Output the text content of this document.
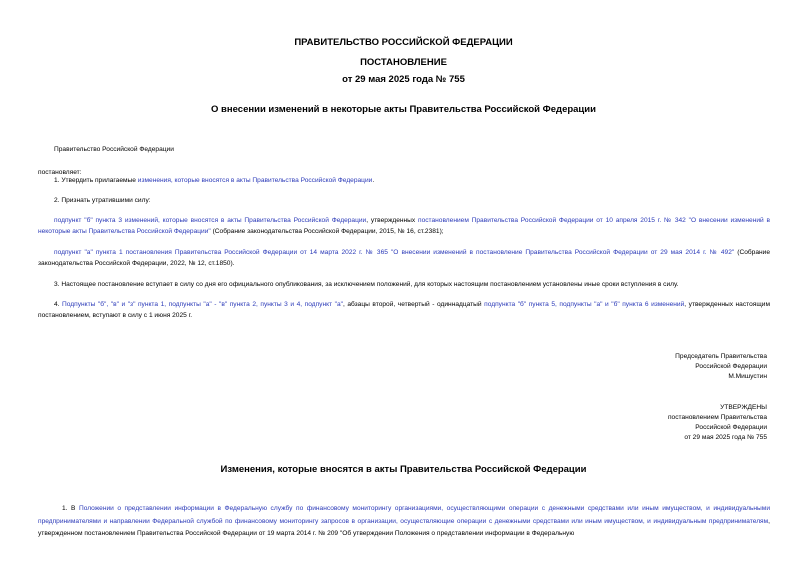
ПРАВИТЕЛЬСТВО РОССИЙСКОЙ ФЕДЕРАЦИИ
ПОСТАНОВЛЕНИЕ
от 29 мая 2025 года № 755
О внесении изменений в некоторые акты Правительства Российской Федерации
Правительство Российской Федерации
постановляет:
1. Утвердить прилагаемые изменения, которые вносятся в акты Правительства Российской Федерации.
2. Признать утратившими силу:
подпункт "б" пункта 3 изменений, которые вносятся в акты Правительства Российской Федерации, утвержденных постановлением Правительства Российской Федерации от 10 апреля 2015 г. № 342 "О внесении изменений в некоторые акты Правительства Российской Федерации" (Собрание законодательства Российской Федерации, 2015, № 16, ст.2381);
подпункт "а" пункта 1 постановления Правительства Российской Федерации от 14 марта 2022 г. № 365 "О внесении изменений в постановление Правительства Российской Федерации от 29 мая 2014 г. № 492" (Собрание законодательства Российской Федерации, 2022, № 12, ст.1850).
3. Настоящее постановление вступает в силу со дня его официального опубликования, за исключением положений, для которых настоящим постановлением установлены иные сроки вступления в силу.
4. Подпункты "б", "в" и "з" пункта 1, подпункты "а" - "в" пункта 2, пункты 3 и 4, подпункт "а", абзацы второй, четвертый - одиннадцатый подпункта "б" пункта 5, подпункты "а" и "б" пункта 6 изменений, утвержденных настоящим постановлением, вступают в силу с 1 июня 2025 г.
Председатель Правительства
Российской Федерации
М.Мишустин
УТВЕРЖДЕНЫ
постановлением Правительства
Российской Федерации
от 29 мая 2025 года № 755
Изменения, которые вносятся в акты Правительства Российской Федерации
1. В Положении о представлении информации в Федеральную службу по финансовому мониторингу организациями, осуществляющими операции с денежными средствами или иным имуществом, и индивидуальными предпринимателями и направлении Федеральной службой по финансовому мониторингу запросов в организации, осуществляющие операции с денежными средствами или иным имуществом, и индивидуальным предпринимателям, утвержденном постановлением Правительства Российской Федерации от 19 марта 2014 г. № 209 "Об утверждении Положения о представлении информации в Федеральную
